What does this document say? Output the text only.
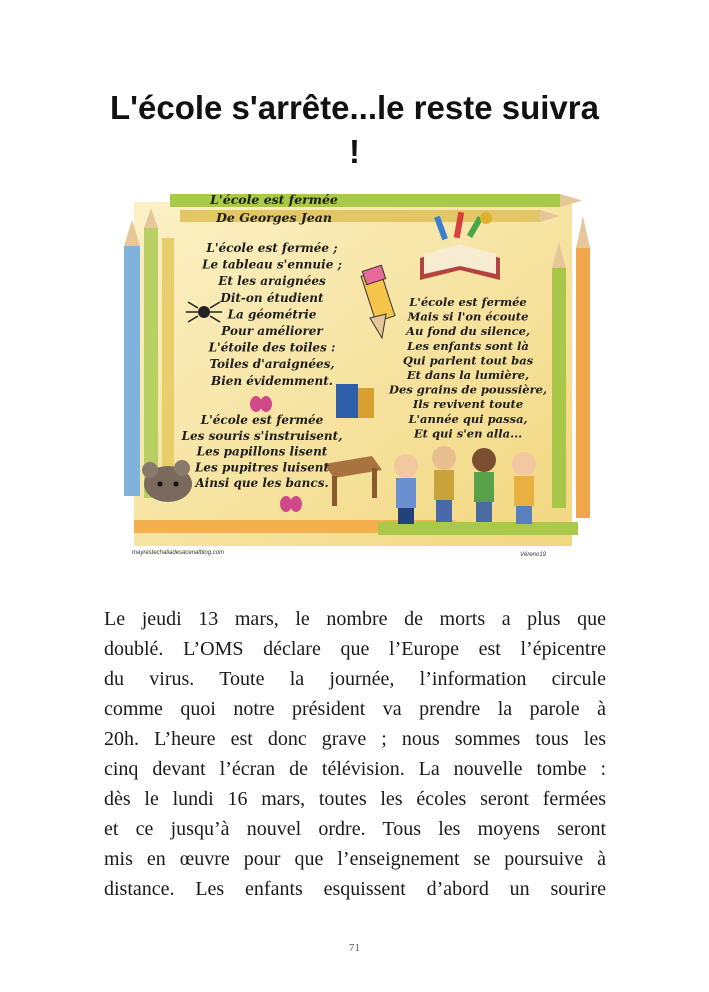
L'école s'arrête...le reste suivra !
L'école est fermée
De Georges Jean
L'école est fermée ;
Le tableau s'ennuie ;
Et les araignées
Dit-on étudient
La géométrie
Pour améliorer
L'étoile des toiles :
Toiles d'araignées,
Bien évidemment.
L'école est fermée
Les souris s'instruisent,
Les papillons lisent
Les pupitres luisent
Ainsi que les bancs.
L'école est fermée
Mais si l'on écoute
Au fond du silence,
Les enfants sont là
Qui parlent tout bas
Et dans la lumière,
Des grains de poussière,
Ils revivent toute
L'année qui passa,
Et qui s'en alla...
mayrestechaliadesacenalblog.com	Véreno19

Le jeudi 13 mars, le nombre de morts a plus que

doublé. L’OMS déclare que l’Europe est l’épicentre

du virus. Toute la journée, l’information circule

comme quoi notre président va prendre la parole à

20h. L’heure est donc grave ; nous sommes tous les

cinq devant l’écran de télévision. La nouvelle tombe :

dès le lundi 16 mars, toutes les écoles seront fermées

et ce jusqu’à nouvel ordre. Tous les moyens seront

mis en œuvre pour que l’enseignement se poursuive à

distance. Les enfants esquissent d’abord un sourire

71
